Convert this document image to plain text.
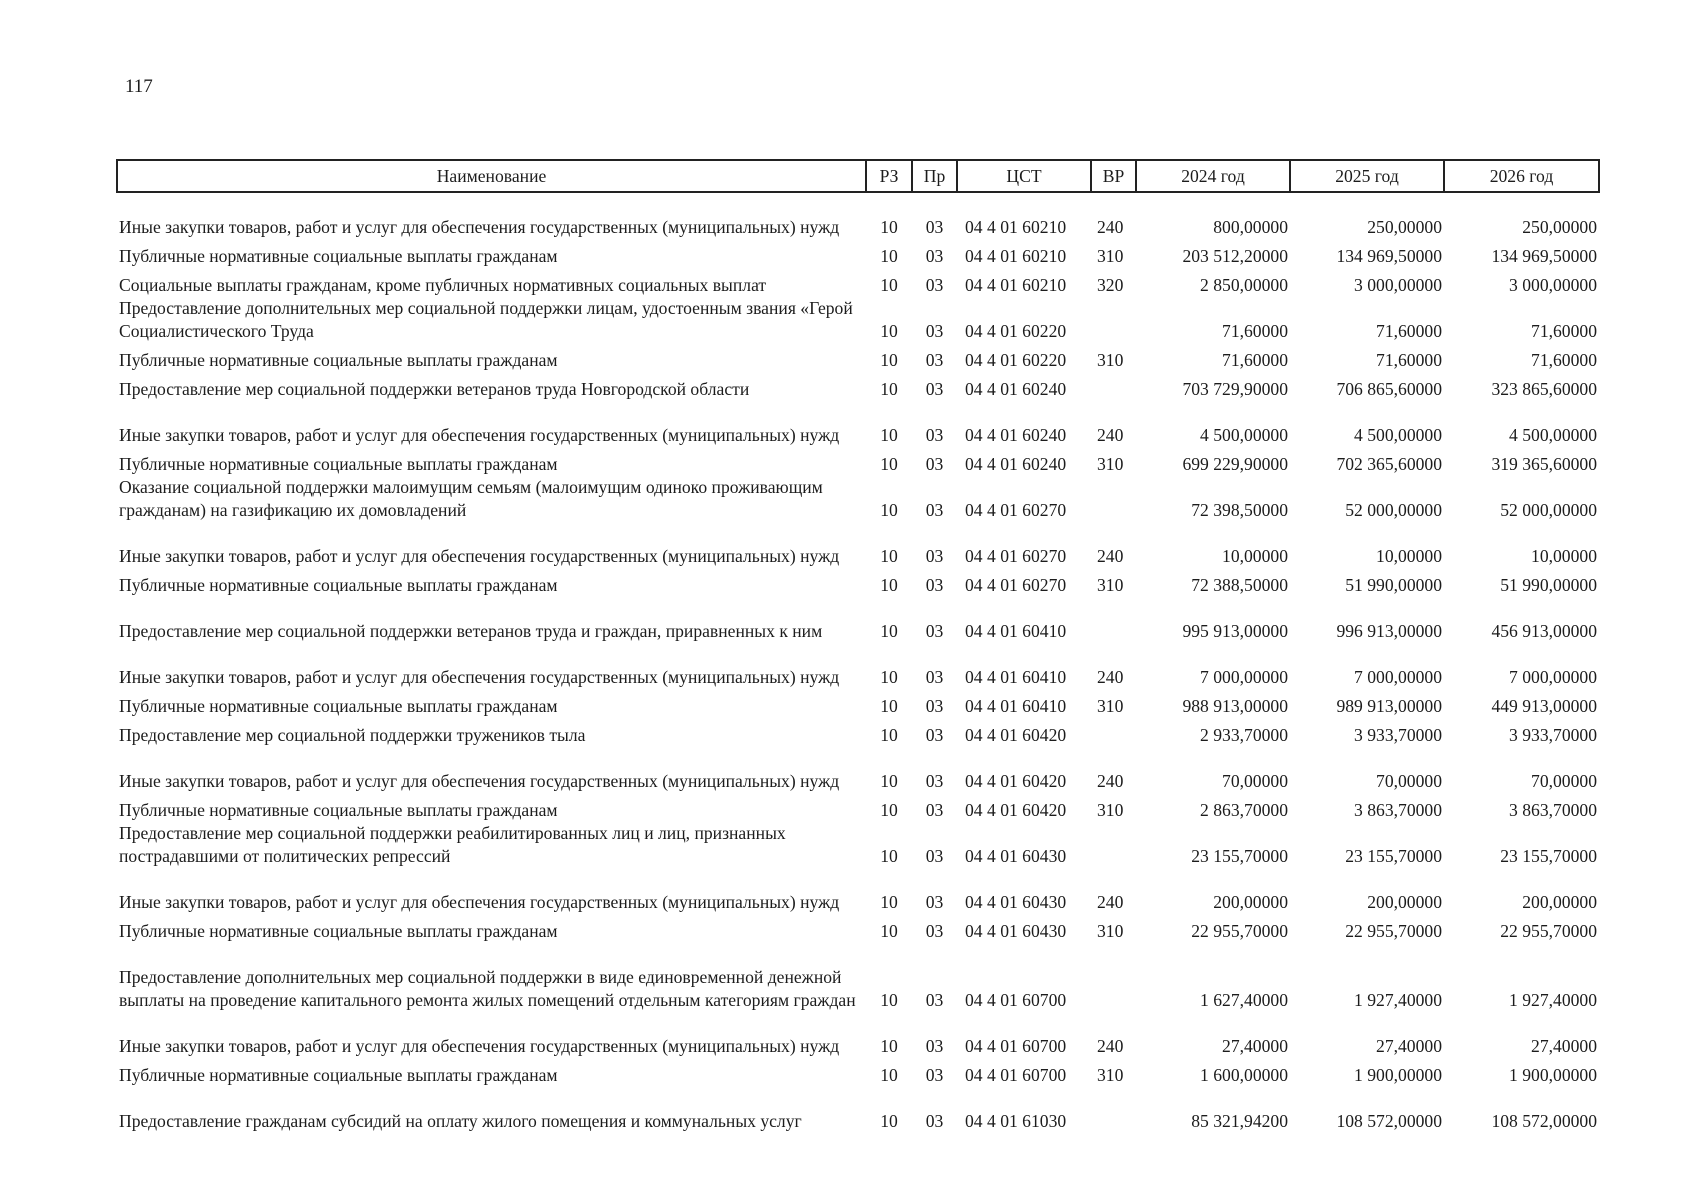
117
Наименование	РЗ	Пр	ЦСТ	ВР	2024 год	2025 год	2026 год
Иные закупки товаров, работ и услуг для обеспечения государственных (муниципальных) нужд	10	03	04 4 01 60210	240	800,00000	250,00000	250,00000
Публичные нормативные социальные выплаты гражданам	10	03	04 4 01 60210	310	203 512,20000	134 969,50000	134 969,50000
Социальные выплаты гражданам, кроме публичных нормативных социальных выплат	10	03	04 4 01 60210	320	2 850,00000	3 000,00000	3 000,00000
Предоставление дополнительных мер социальной поддержки лицам, удостоенным звания «Герой Социалистического Труда	10	03	04 4 01 60220		71,60000	71,60000	71,60000
Публичные нормативные социальные выплаты гражданам	10	03	04 4 01 60220	310	71,60000	71,60000	71,60000
Предоставление мер социальной поддержки ветеранов труда Новгородской области	10	03	04 4 01 60240		703 729,90000	706 865,60000	323 865,60000
Иные закупки товаров, работ и услуг для обеспечения государственных (муниципальных) нужд	10	03	04 4 01 60240	240	4 500,00000	4 500,00000	4 500,00000
Публичные нормативные социальные выплаты гражданам	10	03	04 4 01 60240	310	699 229,90000	702 365,60000	319 365,60000
Оказание социальной поддержки малоимущим семьям (малоимущим одиноко проживающим гражданам) на газификацию их домовладений	10	03	04 4 01 60270		72 398,50000	52 000,00000	52 000,00000
Иные закупки товаров, работ и услуг для обеспечения государственных (муниципальных) нужд	10	03	04 4 01 60270	240	10,00000	10,00000	10,00000
Публичные нормативные социальные выплаты гражданам	10	03	04 4 01 60270	310	72 388,50000	51 990,00000	51 990,00000
Предоставление мер социальной поддержки ветеранов труда и граждан, приравненных к ним	10	03	04 4 01 60410		995 913,00000	996 913,00000	456 913,00000
Иные закупки товаров, работ и услуг для обеспечения государственных (муниципальных) нужд	10	03	04 4 01 60410	240	7 000,00000	7 000,00000	7 000,00000
Публичные нормативные социальные выплаты гражданам	10	03	04 4 01 60410	310	988 913,00000	989 913,00000	449 913,00000
Предоставление мер социальной поддержки тружеников тыла	10	03	04 4 01 60420		2 933,70000	3 933,70000	3 933,70000
Иные закупки товаров, работ и услуг для обеспечения государственных (муниципальных) нужд	10	03	04 4 01 60420	240	70,00000	70,00000	70,00000
Публичные нормативные социальные выплаты гражданам	10	03	04 4 01 60420	310	2 863,70000	3 863,70000	3 863,70000
Предоставление мер социальной поддержки реабилитированных лиц и лиц, признанных пострадавшими от политических репрессий	10	03	04 4 01 60430		23 155,70000	23 155,70000	23 155,70000
Иные закупки товаров, работ и услуг для обеспечения государственных (муниципальных) нужд	10	03	04 4 01 60430	240	200,00000	200,00000	200,00000
Публичные нормативные социальные выплаты гражданам	10	03	04 4 01 60430	310	22 955,70000	22 955,70000	22 955,70000
Предоставление дополнительных мер социальной поддержки в виде единовременной денежной выплаты на проведение капитального ремонта жилых помещений отдельным категориям граждан	10	03	04 4 01 60700		1 627,40000	1 927,40000	1 927,40000
Иные закупки товаров, работ и услуг для обеспечения государственных (муниципальных) нужд	10	03	04 4 01 60700	240	27,40000	27,40000	27,40000
Публичные нормативные социальные выплаты гражданам	10	03	04 4 01 60700	310	1 600,00000	1 900,00000	1 900,00000
Предоставление гражданам субсидий на оплату жилого помещения и коммунальных услуг	10	03	04 4 01 61030		85 321,94200	108 572,00000	108 572,00000
